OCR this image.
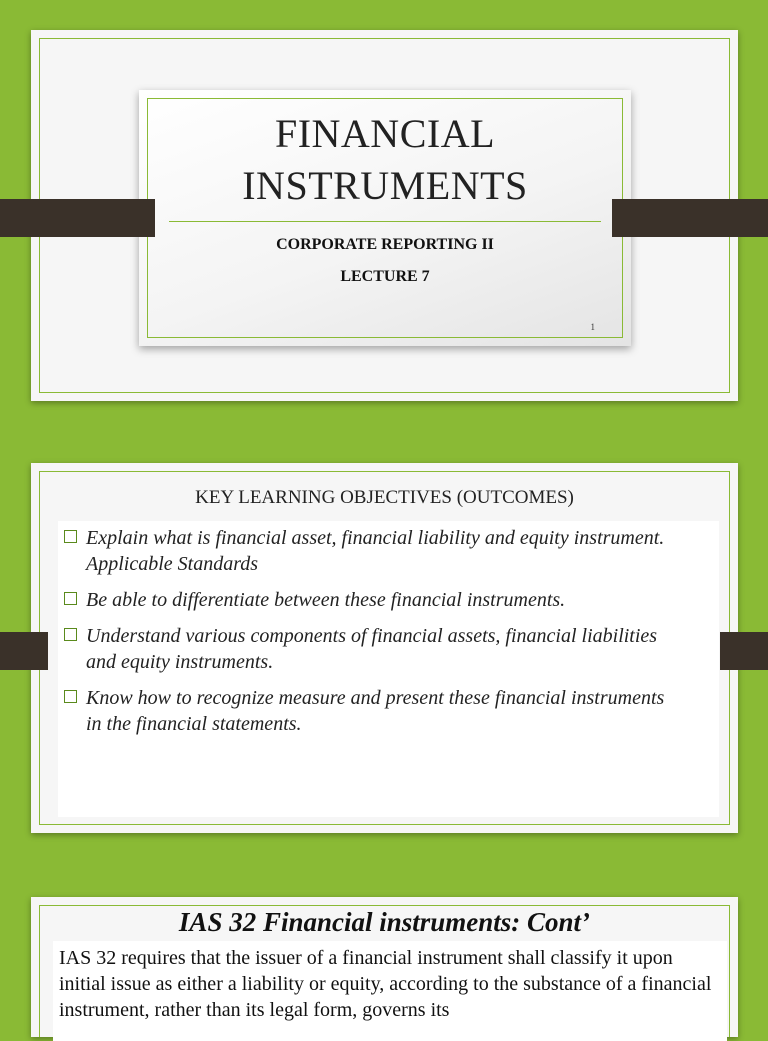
FINANCIAL
INSTRUMENTS
CORPORATE REPORTING II
LECTURE 7
1
KEY LEARNING OBJECTIVES (OUTCOMES)
Explain what is financial asset, financial liability and equity instrument. Applicable Standards
Be able to differentiate between these financial instruments.
Understand various components of financial assets, financial liabilities and equity instruments.
Know how to recognize measure and present these financial instruments in the financial statements.
IAS 32 Financial instruments: Cont’

IAS 32 requires that the issuer of a financial instrument shall classify it upon initial issue as either a liability or equity, according to the substance of a financial instrument, rather than its legal form, governs its
